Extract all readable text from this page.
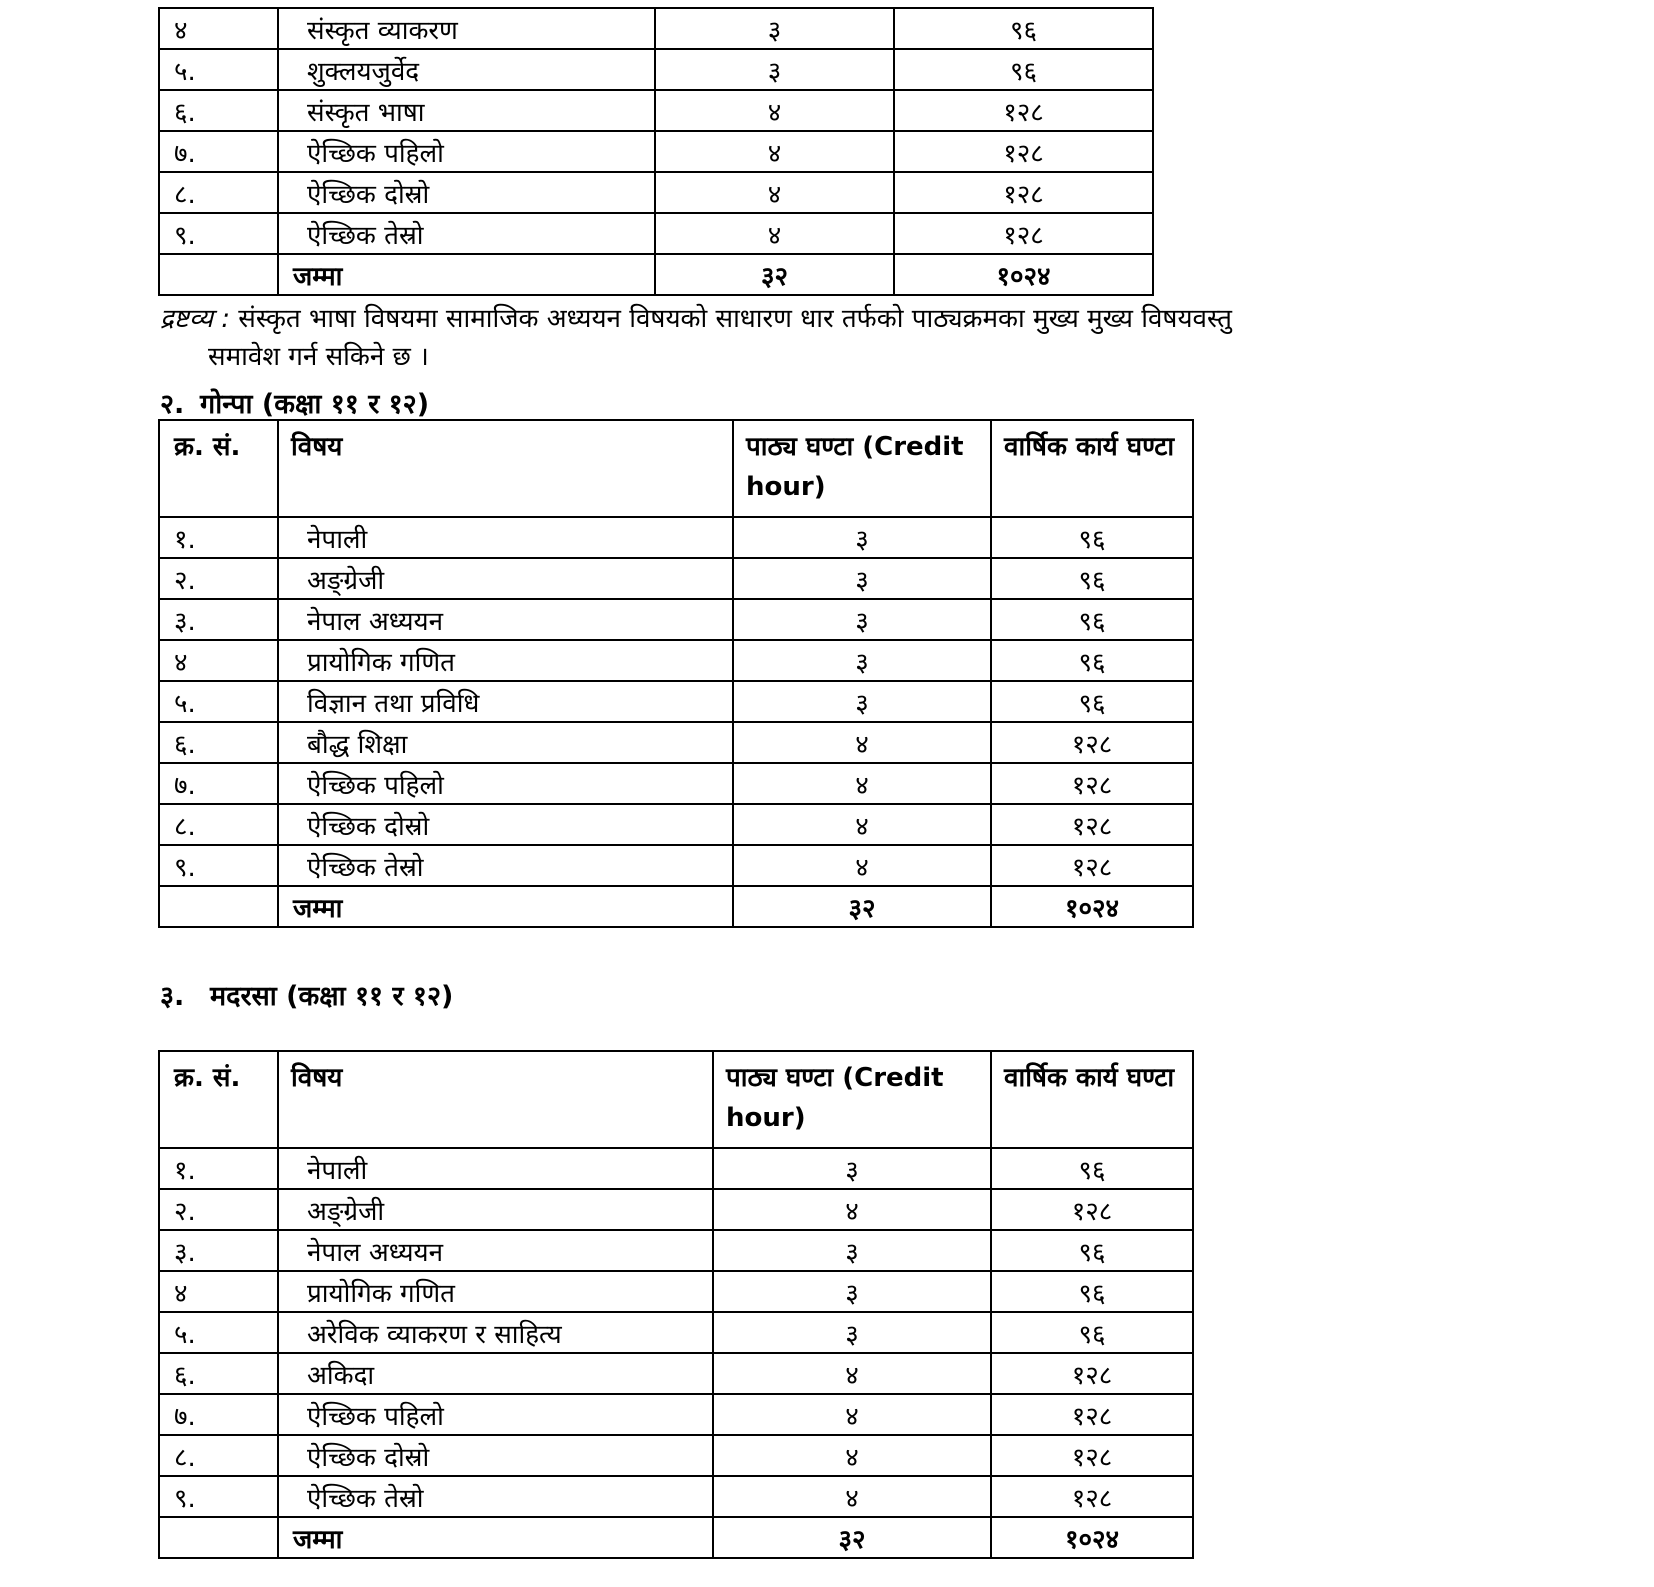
४	संस्कृत व्याकरण	३	९६
५.	शुक्लयजुर्वेद	३	९६
६.	संस्कृत भाषा	४	१२८
७.	ऐच्छिक पहिलो	४	१२८
८.	ऐच्छिक दोस्रो	४	१२८
९.	ऐच्छिक तेस्रो	४	१२८
	जम्मा	३२	१०२४
द्रष्टव्य : संस्कृत भाषा विषयमा सामाजिक अध्ययन विषयको साधारण धार तर्फको पाठ्यक्रमका मुख्य मुख्य विषयवस्तु
समावेश गर्न सकिने छ ।
२. गोन्पा (कक्षा ११ र १२)
क्र. सं.	विषय	पाठ्य घण्टा (Credit hour)	वार्षिक कार्य घण्टा
१.	नेपाली	३	९६
२.	अङ्ग्रेजी	३	९६
३.	नेपाल अध्ययन	३	९६
४	प्रायोगिक गणित	३	९६
५.	विज्ञान तथा प्रविधि	३	९६
६.	बौद्ध शिक्षा	४	१२८
७.	ऐच्छिक पहिलो	४	१२८
८.	ऐच्छिक दोस्रो	४	१२८
९.	ऐच्छिक तेस्रो	४	१२८
	जम्मा	३२	१०२४
३. मदरसा (कक्षा ११ र १२)
क्र. सं.	विषय	पाठ्य घण्टा (Credit hour)	वार्षिक कार्य घण्टा
१.	नेपाली	३	९६
२.	अङ्ग्रेजी	४	१२८
३.	नेपाल अध्ययन	३	९६
४	प्रायोगिक गणित	३	९६
५.	अरेविक व्याकरण र साहित्य	३	९६
६.	अकिदा	४	१२८
७.	ऐच्छिक पहिलो	४	१२८
८.	ऐच्छिक दोस्रो	४	१२८
९.	ऐच्छिक तेस्रो	४	१२८
	जम्मा	३२	१०२४
